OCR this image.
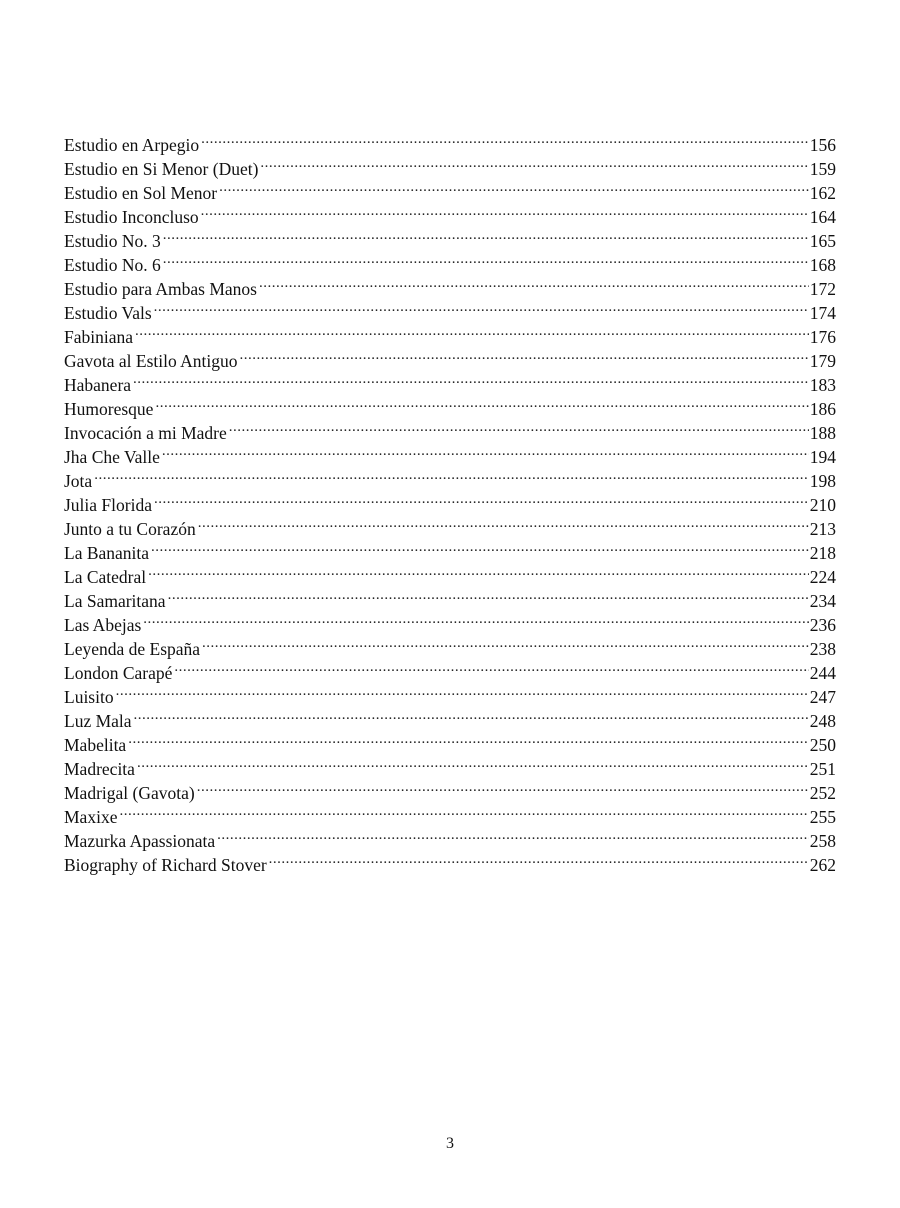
Estudio en Arpegio .....	156
Estudio en Si Menor (Duet) .....	159
Estudio en Sol Menor .....	162
Estudio Inconcluso .....	164
Estudio No. 3 .....	165
Estudio No. 6 .....	168
Estudio para Ambas Manos .....	172
Estudio Vals .....	174
Fabiniana .....	176
Gavota al Estilo Antiguo .....	179
Habanera .....	183
Humoresque .....	186
Invocación a mi Madre .....	188
Jha Che Valle .....	194
Jota .....	198
Julia Florida .....	210
Junto a tu Corazón .....	213
La Bananita .....	218
La Catedral .....	224
La Samaritana .....	234
Las Abejas .....	236
Leyenda de España .....	238
London Carapé .....	244
Luisito .....	247
Luz Mala .....	248
Mabelita .....	250
Madrecita .....	251
Madrigal (Gavota) .....	252
Maxixe .....	255
Mazurka Apassionata .....	258
Biography of Richard Stover .....	262
3
